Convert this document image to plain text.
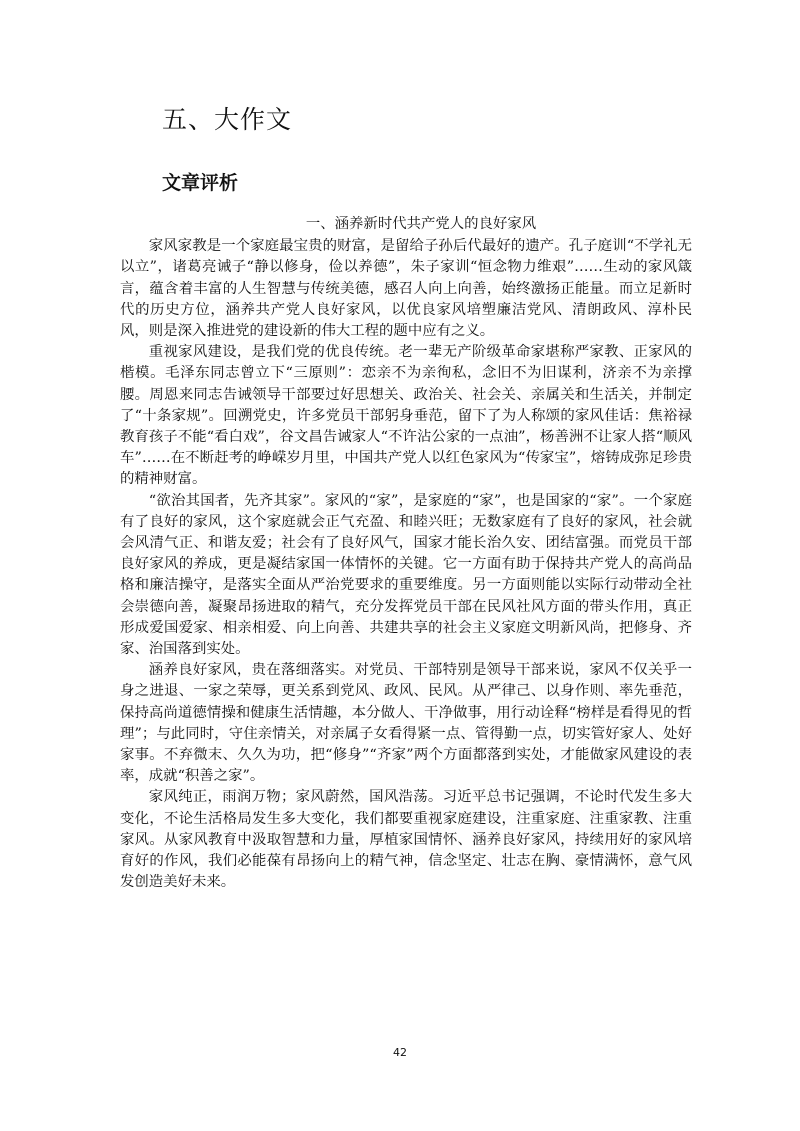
五、大作文
文章评析

一、涵养新时代共产党人的良好家风

家风家教是一个家庭最宝贵的财富，是留给子孙后代最好的遗产。孔子庭训“不学礼无以立”，诸葛亮诫子“静以修身，俭以养德”，朱子家训“恒念物力维艰”……生动的家风箴言，蕴含着丰富的人生智慧与传统美德，感召人向上向善，始终激扬正能量。而立足新时代的历史方位，涵养共产党人良好家风，以优良家风培塑廉洁党风、清朗政风、淳朴民风，则是深入推进党的建设新的伟大工程的题中应有之义。

重视家风建设，是我们党的优良传统。老一辈无产阶级革命家堪称严家教、正家风的楷模。毛泽东同志曾立下“三原则”：恋亲不为亲徇私，念旧不为旧谋利，济亲不为亲撑腰。周恩来同志告诫领导干部要过好思想关、政治关、社会关、亲属关和生活关，并制定了“十条家规”。回溯党史，许多党员干部躬身垂范，留下了为人称颂的家风佳话：焦裕禄教育孩子不能“看白戏”，谷文昌告诫家人“不许沾公家的一点油”，杨善洲不让家人搭“顺风车”……在不断赶考的峥嵘岁月里，中国共产党人以红色家风为“传家宝”，熔铸成弥足珍贵的精神财富。

“欲治其国者，先齐其家”。家风的“家”，是家庭的“家”，也是国家的“家”。一个家庭有了良好的家风，这个家庭就会正气充盈、和睦兴旺；无数家庭有了良好的家风，社会就会风清气正、和谐友爱；社会有了良好风气，国家才能长治久安、团结富强。而党员干部良好家风的养成，更是凝结家国一体情怀的关键。它一方面有助于保持共产党人的高尚品格和廉洁操守，是落实全面从严治党要求的重要维度。另一方面则能以实际行动带动全社会崇德向善，凝聚昂扬进取的精气，充分发挥党员干部在民风社风方面的带头作用，真正形成爱国爱家、相亲相爱、向上向善、共建共享的社会主义家庭文明新风尚，把修身、齐家、治国落到实处。

涵养良好家风，贵在落细落实。对党员、干部特别是领导干部来说，家风不仅关乎一身之进退、一家之荣辱，更关系到党风、政风、民风。从严律己、以身作则、率先垂范，保持高尚道德情操和健康生活情趣，本分做人、干净做事，用行动诠释“榜样是看得见的哲理”；与此同时，守住亲情关，对亲属子女看得紧一点、管得勤一点，切实管好家人、处好家事。不弃微末、久久为功，把“修身”“齐家”两个方面都落到实处，才能做家风建设的表率，成就“积善之家”。

家风纯正，雨润万物；家风蔚然，国风浩荡。习近平总书记强调，不论时代发生多大变化，不论生活格局发生多大变化，我们都要重视家庭建设，注重家庭、注重家教、注重家风。从家风教育中汲取智慧和力量，厚植家国情怀、涵养良好家风，持续用好的家风培育好的作风，我们必能葆有昂扬向上的精气神，信念坚定、壮志在胸、豪情满怀，意气风发创造美好未来。

42
